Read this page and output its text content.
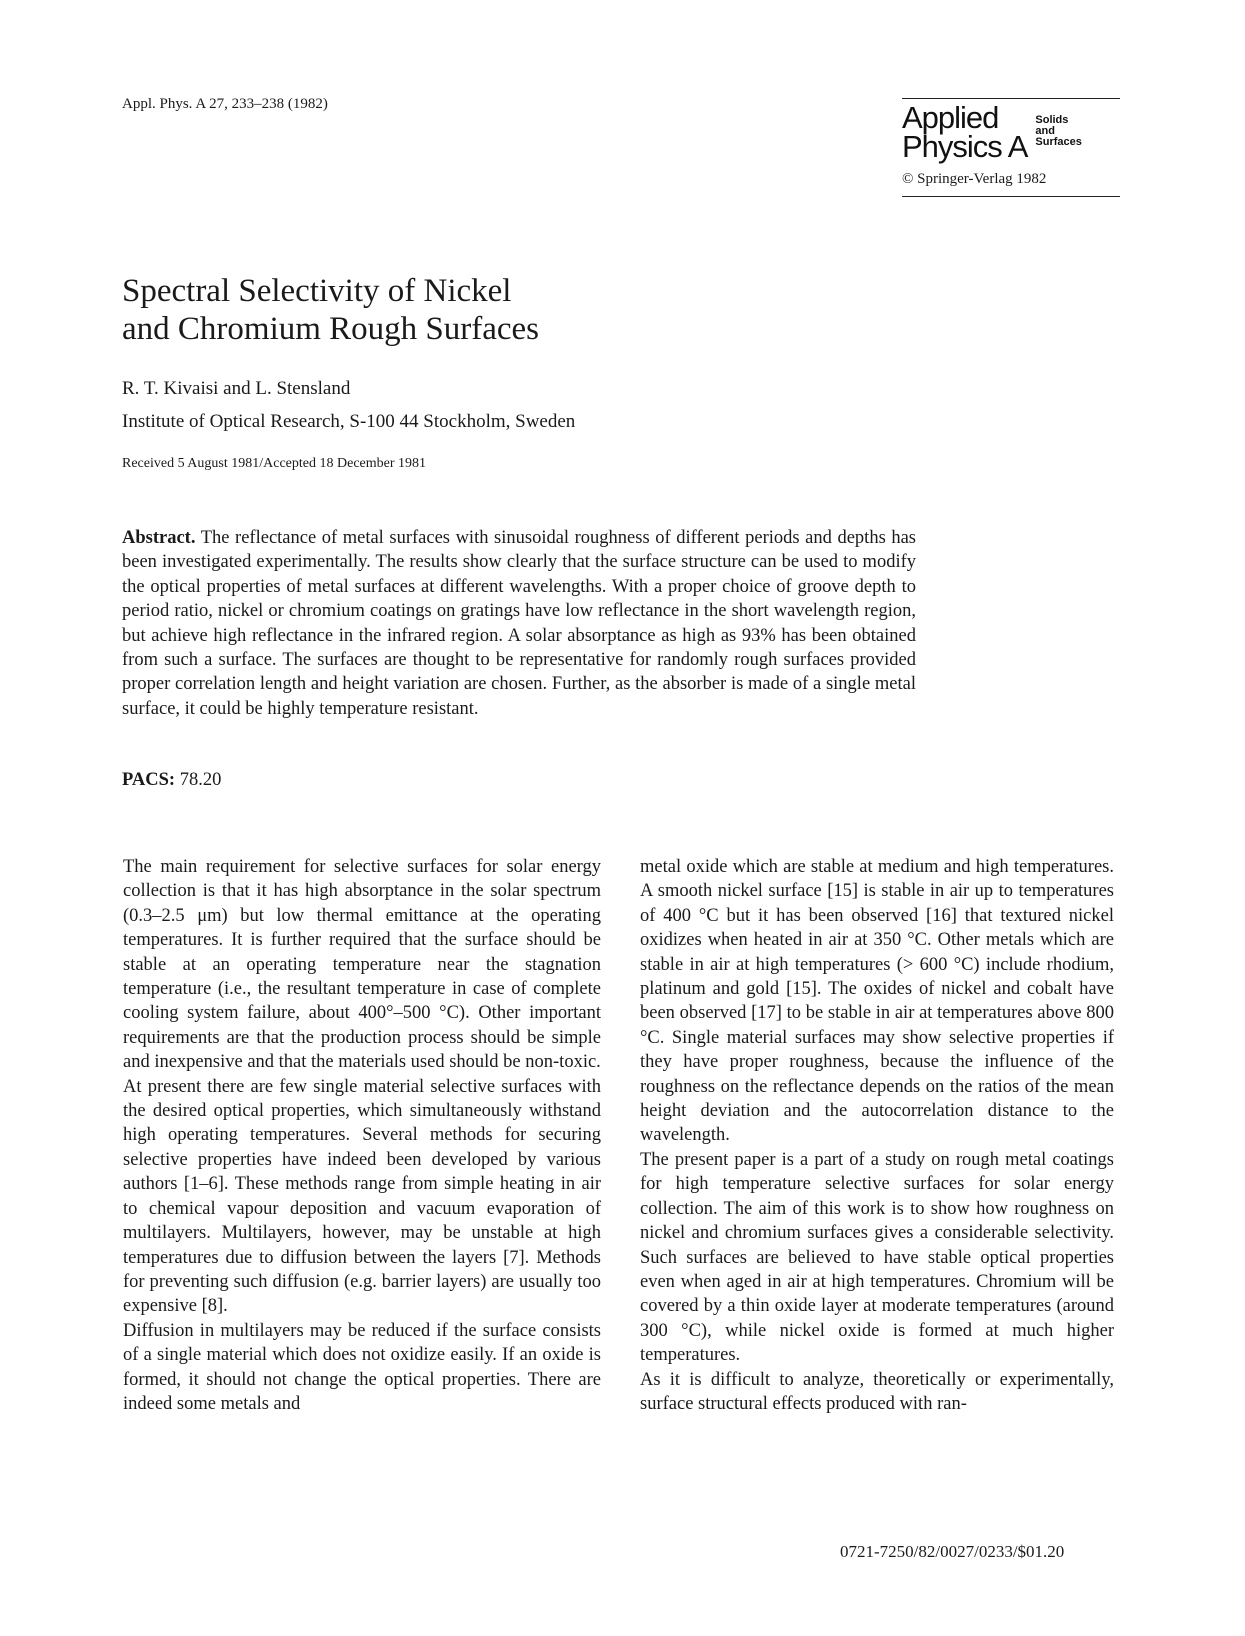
Appl. Phys. A 27, 233–238 (1982)	Applied
Physics A
Solids
and
Surfaces
© Springer-Verlag 1982
Spectral Selectivity of Nickel
and Chromium Rough Surfaces
R. T. Kivaisi and L. Stensland
Institute of Optical Research, S-100 44 Stockholm, Sweden
Received 5 August 1981/Accepted 18 December 1981
Abstract. The reflectance of metal surfaces with sinusoidal roughness of different periods and depths has been investigated experimentally. The results show clearly that the surface structure can be used to modify the optical properties of metal surfaces at different wavelengths. With a proper choice of groove depth to period ratio, nickel or chromium coatings on gratings have low reflectance in the short wavelength region, but achieve high reflectance in the infrared region. A solar absorptance as high as 93% has been obtained from such a surface. The surfaces are thought to be representative for randomly rough surfaces provided proper correlation length and height variation are chosen. Further, as the absorber is made of a single metal surface, it could be highly temperature resistant.
PACS: 78.20

The main requirement for selective surfaces for solar energy collection is that it has high absorptance in the solar spectrum (0.3–2.5 μm) but low thermal emittance at the operating temperatures. It is further required that the surface should be stable at an operating temperature near the stagnation temperature (i.e., the resultant temperature in case of complete cooling system failure, about 400°–500 °C). Other important requirements are that the production process should be simple and inexpensive and that the materials used should be non-toxic.

At present there are few single material selective surfaces with the desired optical properties, which simultaneously withstand high operating temperatures. Several methods for securing selective properties have indeed been developed by various authors [1–6]. These methods range from simple heating in air to chemical vapour deposition and vacuum evaporation of multilayers. Multilayers, however, may be unstable at high temperatures due to diffusion between the layers [7]. Methods for preventing such diffusion (e.g. barrier layers) are usually too expensive [8].

Diffusion in multilayers may be reduced if the surface consists of a single material which does not oxidize easily. If an oxide is formed, it should not change the optical properties. There are indeed some metals and

metal oxide which are stable at medium and high temperatures. A smooth nickel surface [15] is stable in air up to temperatures of 400 °C but it has been observed [16] that textured nickel oxidizes when heated in air at 350 °C. Other metals which are stable in air at high temperatures (> 600 °C) include rhodium, platinum and gold [15]. The oxides of nickel and cobalt have been observed [17] to be stable in air at temperatures above 800 °C. Single material surfaces may show selective properties if they have proper roughness, because the influence of the roughness on the reflectance depends on the ratios of the mean height deviation and the autocorrelation distance to the wavelength.

The present paper is a part of a study on rough metal coatings for high temperature selective surfaces for solar energy collection. The aim of this work is to show how roughness on nickel and chromium surfaces gives a considerable selectivity. Such surfaces are believed to have stable optical properties even when aged in air at high temperatures. Chromium will be covered by a thin oxide layer at moderate temperatures (around 300 °C), while nickel oxide is formed at much higher temperatures.

As it is difficult to analyze, theoretically or experimentally, surface structural effects produced with ran-

0721-7250/82/0027/0233/$01.20
